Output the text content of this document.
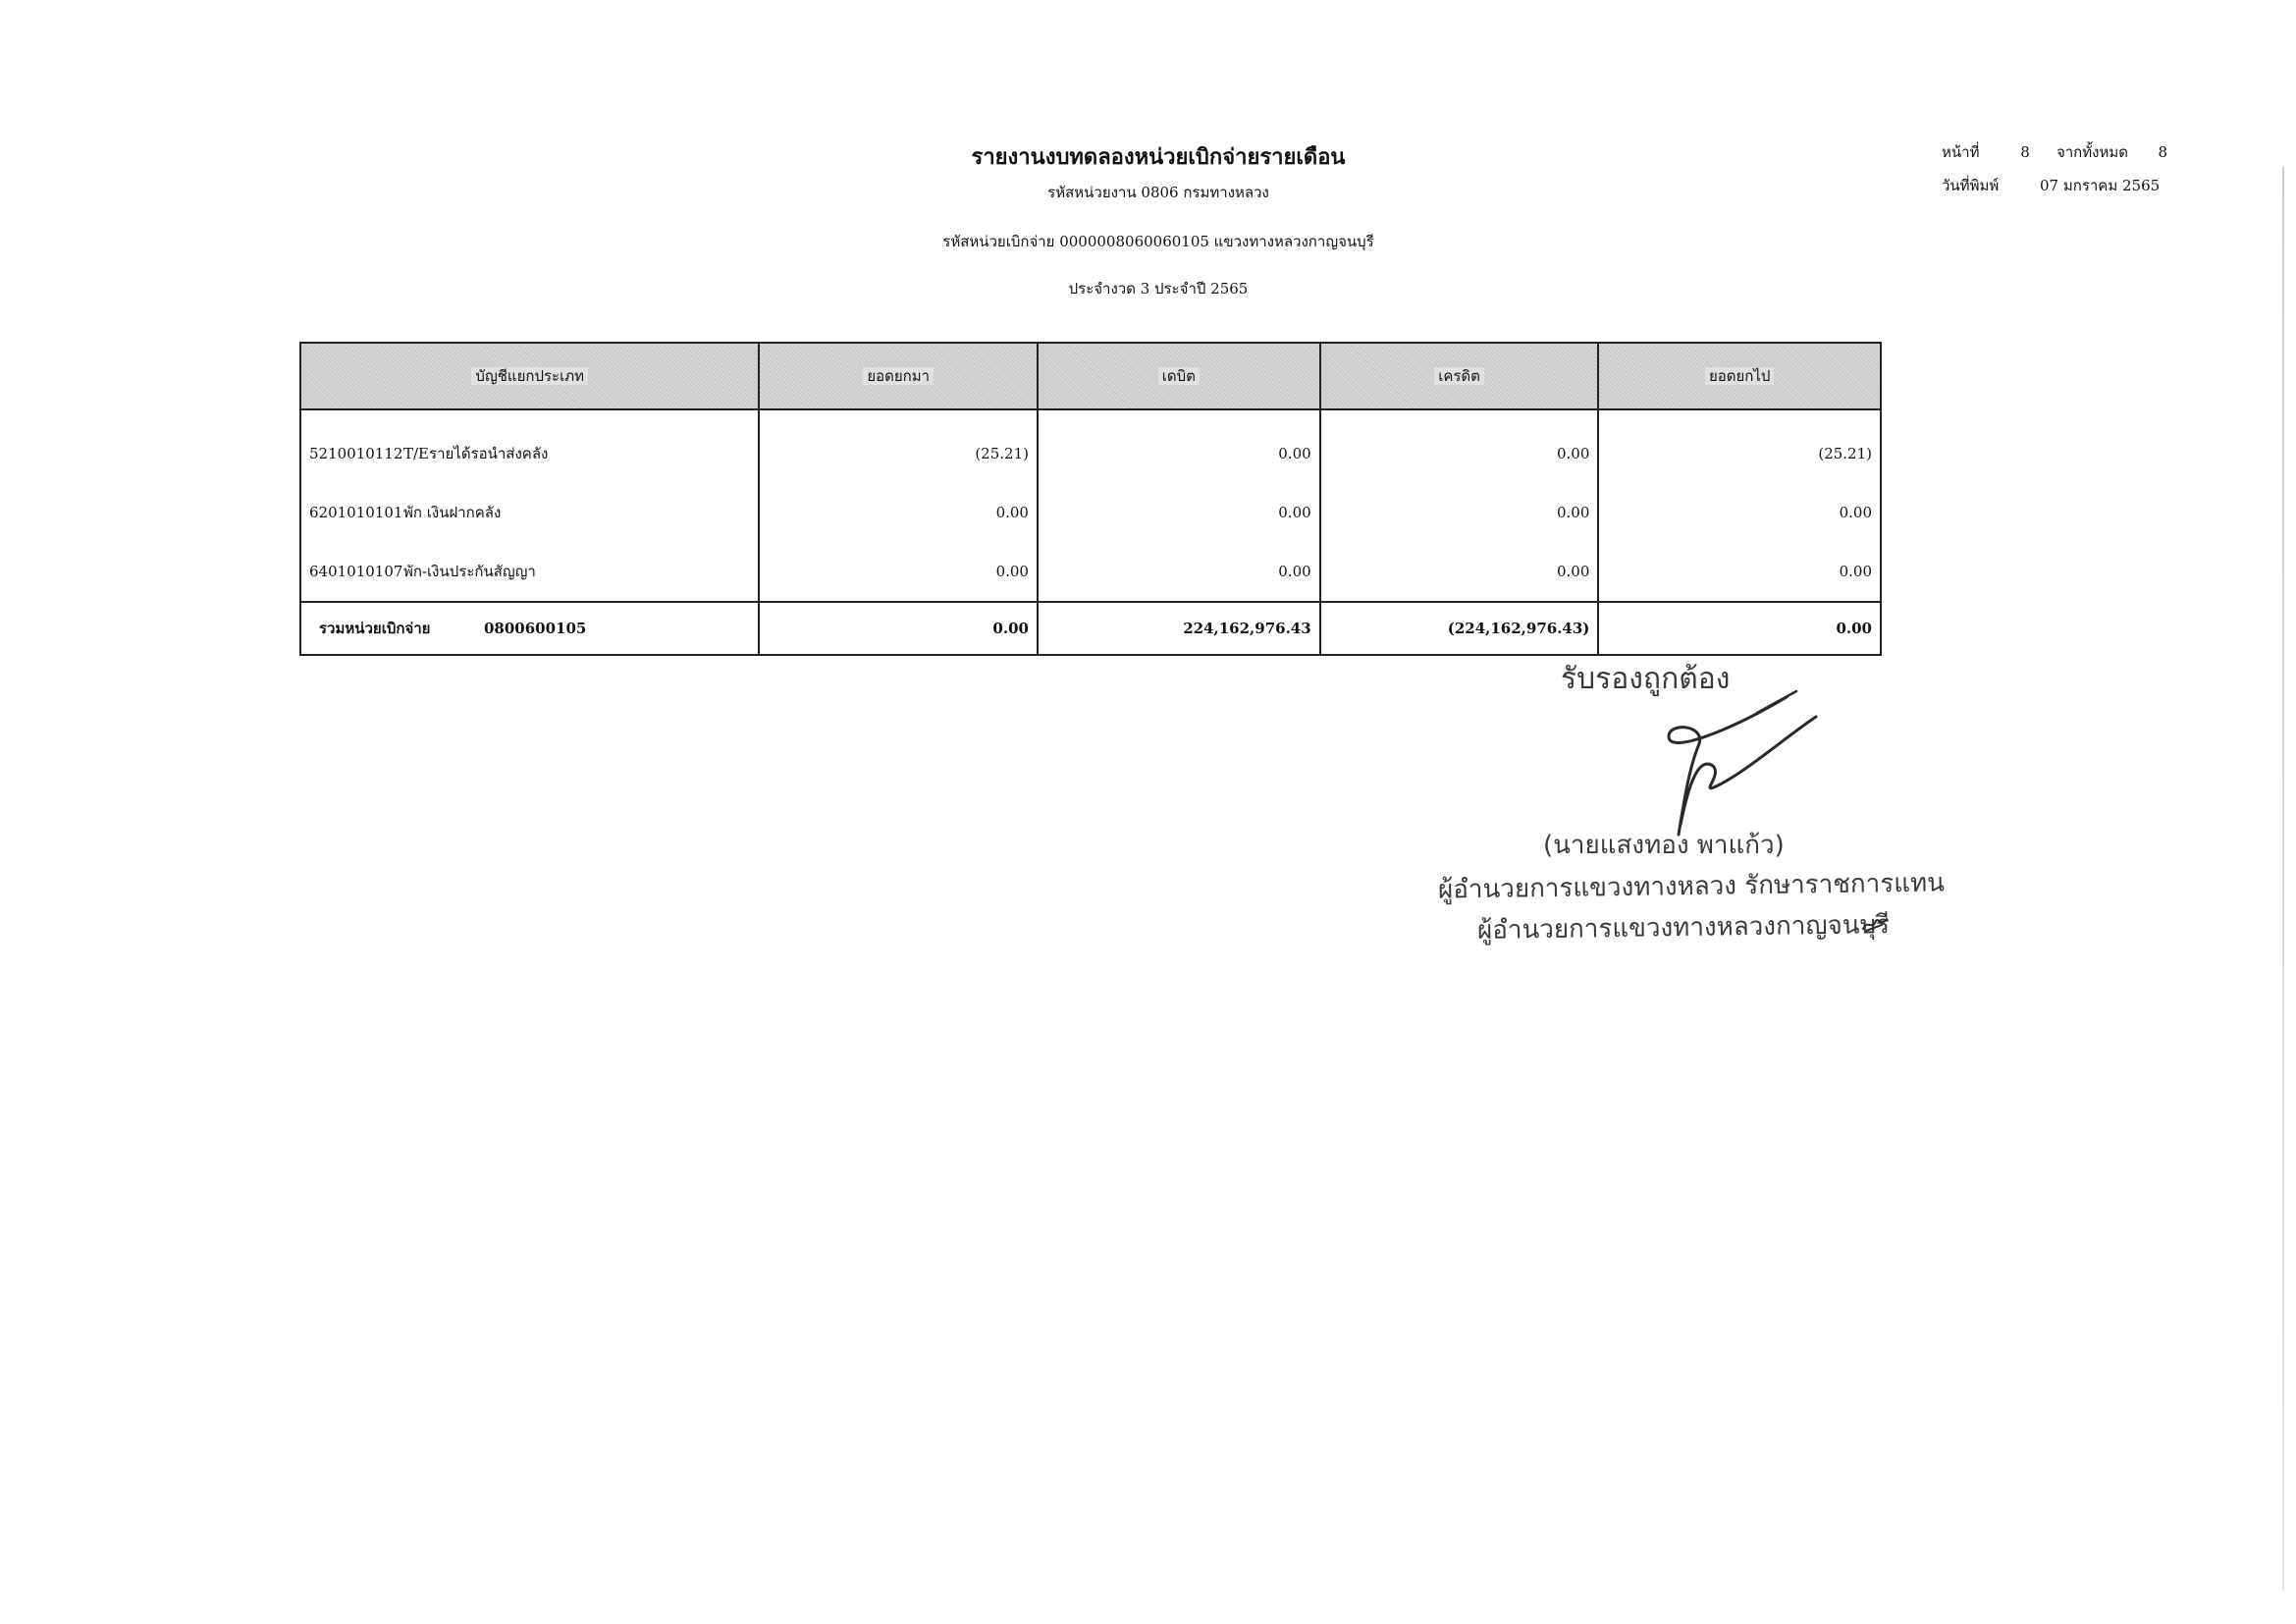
รายงานงบทดลองหน่วยเบิกจ่ายรายเดือน
รหัสหน่วยงาน 0806 กรมทางหลวง
รหัสหน่วยเบิกจ่าย 0000008060060105 แขวงทางหลวงกาญจนบุรี
ประจำงวด 3 ประจำปี 2565
หน้าที่	8	จากทั้งหมด	8
วันที่พิมพ์	07 มกราคม 2565
บัญชีแยกประเภท	ยอดยกมา	เดบิต	เครดิต	ยอดยกไป
5210010112T/Eรายได้รอนำส่งคลัง	(25.21)	0.00	0.00	(25.21)
6201010101พัก เงินฝากคลัง	0.00	0.00	0.00	0.00
6401010107พัก-เงินประกันสัญญา	0.00	0.00	0.00	0.00
รวมหน่วยเบิกจ่าย 0800600105	0.00	224,162,976.43	(224,162,976.43)	0.00
รับรองถูกต้อง
(นายแสงทอง พาแก้ว)
ผู้อำนวยการแขวงทางหลวง รักษาราชการแทน
ผู้อำนวยการแขวงทางหลวงกาญจนบุรี
